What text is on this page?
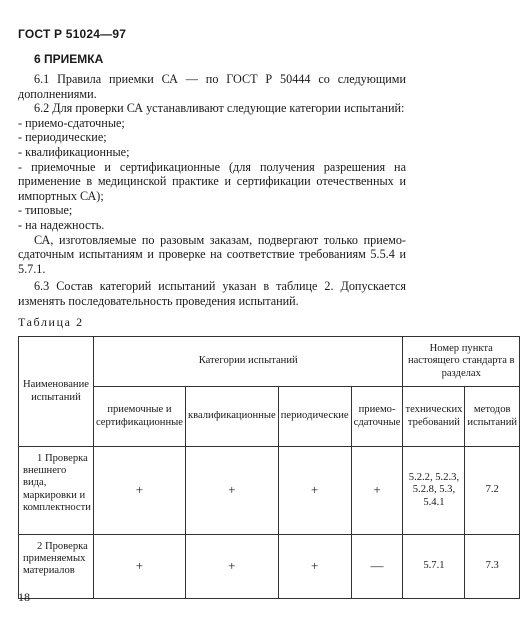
ГОСТ Р 51024—97
6 ПРИЕМКА

6.1 Правила приемки СА — по ГОСТ Р 50444 со следующими дополнениями.

6.2 Для проверки СА устанавливают следующие категории испытаний:

- приемо-сдаточные;

- периодические;

- квалификационные;

- приемочные и сертификационные (для получения разрешения на применение в медицинской практике и сертификации отечественных и импортных СА);

- типовые;

- на надежность.

СА, изготовляемые по разовым заказам, подвергают только приемо-сдаточным испытаниям и проверке на соответствие требованиям 5.5.4 и 5.7.1.

6.3 Состав категорий испытаний указан в таблице 2. Допускается изменять последовательность проведения испытаний.

Таблица 2
Наименование испытаний	Категории испытаний				Номер пункта настоящего стандарта в разделах	
	приемочные и сертификационные	квалификационные	периодические	приемо-сдаточные	технических требований	методов испытаний

1 Проверка внешнего вида, маркировки и комплектности	+	+	+	+	5.2.2, 5.2.3, 5.2.8, 5.3, 5.4.1	7.2

2 Проверка применяемых материалов	+	+	+	—	5.7.1	7.3
18
